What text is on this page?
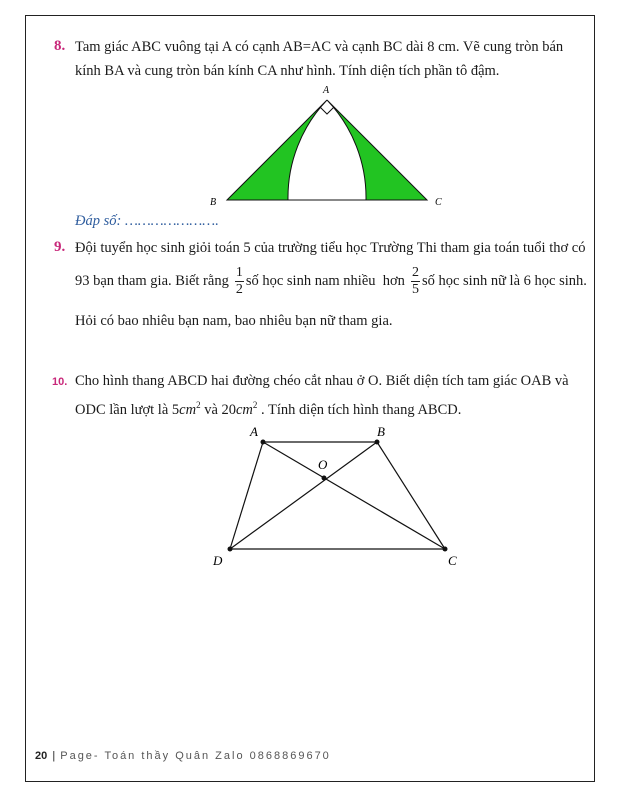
8. Tam giác ABC vuông tại A có cạnh AB=AC và cạnh BC dài 8 cm. Vẽ cung tròn bán
kính BA và cung tròn bán kính CA như hình. Tính diện tích phần tô đậm.
A
B	C
Đáp số: ………………….
9. Đội tuyển học sinh giỏi toán 5 của trường tiểu học Trường Thi tham gia toán tuổi thơ có
93 bạn tham gia. Biết rằng $\frac{1}{2}$ số học sinh nam nhiều  hơn $\frac{2}{5}$ số học sinh nữ là 6 học sinh.
Hỏi có bao nhiêu bạn nam, bao nhiêu bạn nữ tham gia.
10. Cho hình thang ABCD hai đường chéo cắt nhau ở O. Biết diện tích tam giác OAB và
ODC lần lượt là $5cm^2$ và $20cm^2$ . Tính diện tích hình thang ABCD.
A	B
O
D	C
20 | Page- Toán thầy Quân Zalo 0868869670
